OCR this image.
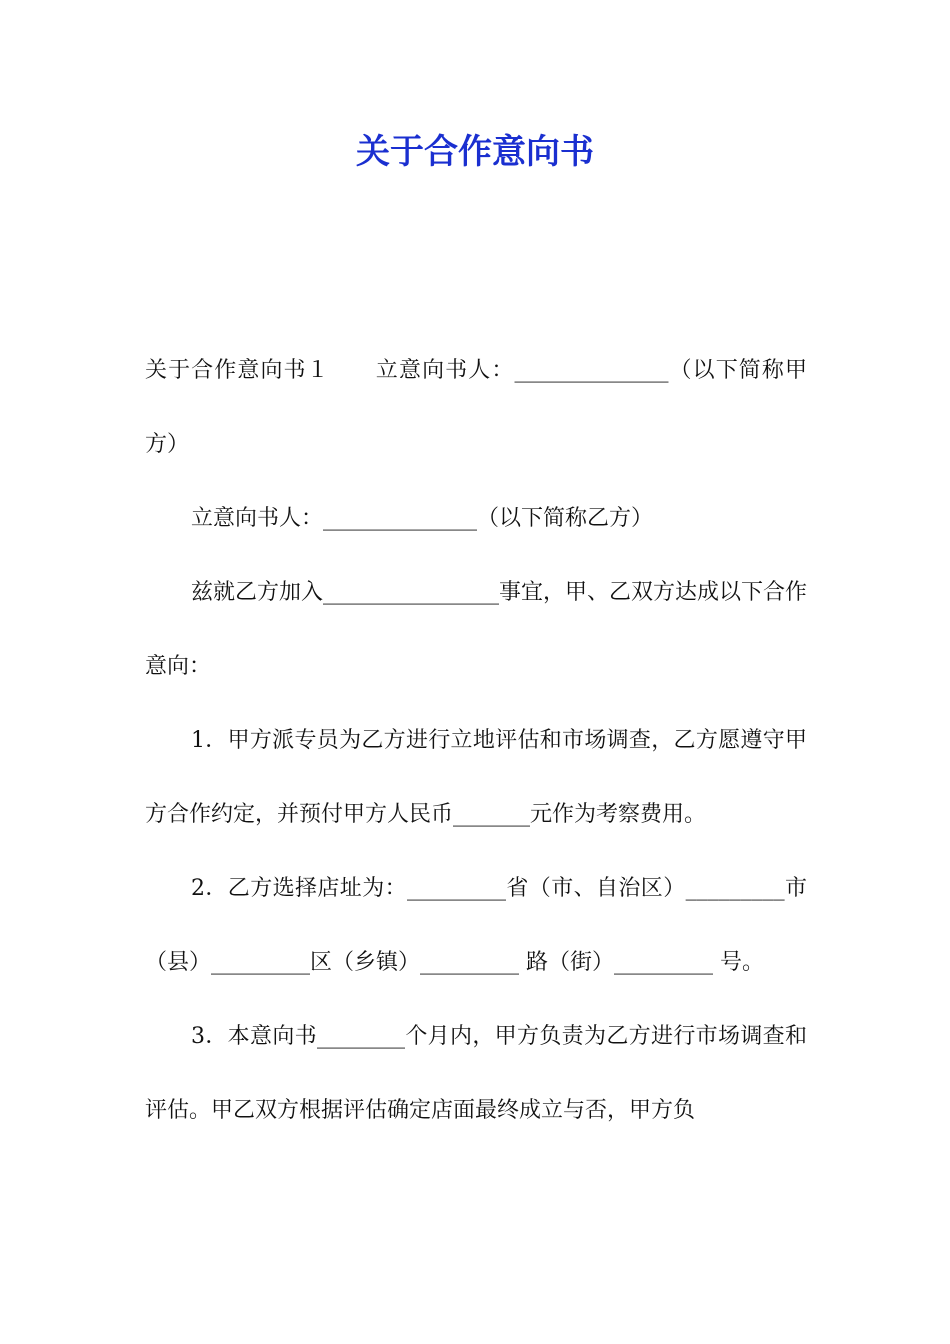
关于合作意向书

关于合作意向书１　　立意向书人：______________（以下简称甲方）

立意向书人：______________（以下简称乙方）

兹就乙方加入________________事宜，甲、乙双方达成以下合作意向：

1．甲方派专员为乙方进行立地评估和市场调查，乙方愿遵守甲方合作约定，并预付甲方人民币_______元作为考察费用。

2．乙方选择店址为：_________省（市、自治区）_________市（县）_________区（乡镇）_________ 路（街）_________ 号。

3．本意向书________个月内，甲方负责为乙方进行市场调查和评估。甲乙双方根据评估确定店面最终成立与否，甲方负
